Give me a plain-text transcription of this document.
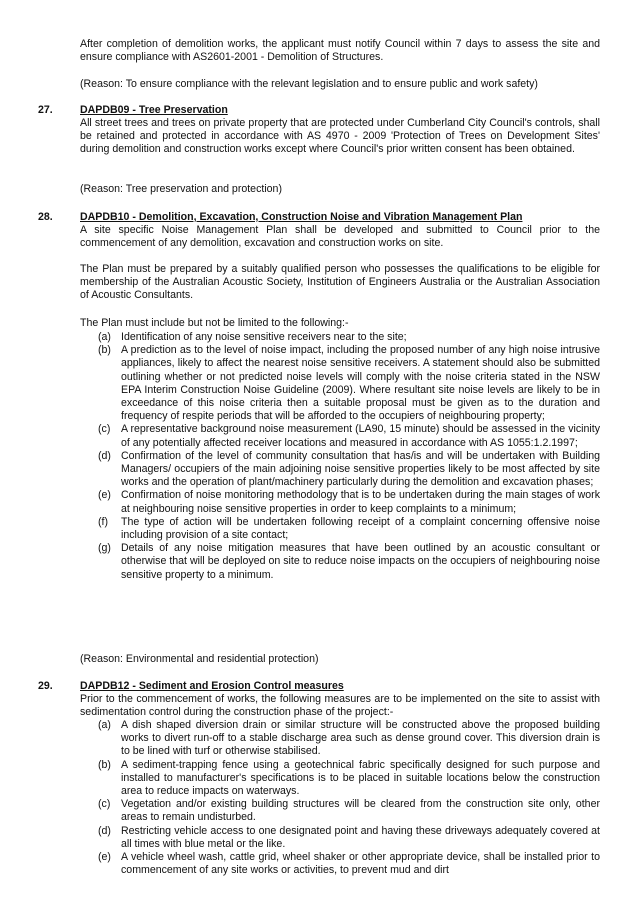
After completion of demolition works, the applicant must notify Council within 7 days to assess the site and ensure compliance with AS2601-2001 - Demolition of Structures.

(Reason: To ensure compliance with the relevant legislation and to ensure public and work safety)

27.	DAPDB09 - Tree Preservation

All street trees and trees on private property that are protected under Cumberland City Council's controls, shall be retained and protected in accordance with AS 4970 - 2009 'Protection of Trees on Development Sites' during demolition and construction works except where Council's prior written consent has been obtained.

(Reason: Tree preservation and protection)

28.	DAPDB10 - Demolition, Excavation, Construction Noise and Vibration Management Plan

A site specific Noise Management Plan shall be developed and submitted to Council prior to the commencement of any demolition, excavation and construction works on site.

The Plan must be prepared by a suitably qualified person who possesses the qualifications to be eligible for membership of the Australian Acoustic Society, Institution of Engineers Australia or the Australian Association of Acoustic Consultants.

The Plan must include but not be limited to the following:-

(a) Identification of any noise sensitive receivers near to the site;
(b) A prediction as to the level of noise impact, including the proposed number of any high noise intrusive appliances, likely to affect the nearest noise sensitive receivers. A statement should also be submitted outlining whether or not predicted noise levels will comply with the noise criteria stated in the NSW EPA Interim Construction Noise Guideline (2009). Where resultant site noise levels are likely to be in exceedance of this noise criteria then a suitable proposal must be given as to the duration and frequency of respite periods that will be afforded to the occupiers of neighbouring property;
(c) A representative background noise measurement (LA90, 15 minute) should be assessed in the vicinity of any potentially affected receiver locations and measured in accordance with AS 1055:1.2.1997;
(d) Confirmation of the level of community consultation that has/is and will be undertaken with Building Managers/ occupiers of the main adjoining noise sensitive properties likely to be most affected by site works and the operation of plant/machinery particularly during the demolition and excavation phases;
(e) Confirmation of noise monitoring methodology that is to be undertaken during the main stages of work at neighbouring noise sensitive properties in order to keep complaints to a minimum;
(f) The type of action will be undertaken following receipt of a complaint concerning offensive noise including provision of a site contact;
(g) Details of any noise mitigation measures that have been outlined by an acoustic consultant or otherwise that will be deployed on site to reduce noise impacts on the occupiers of neighbouring noise sensitive property to a minimum.

(Reason: Environmental and residential protection)

29.	DAPDB12 - Sediment and Erosion Control measures

Prior to the commencement of works, the following measures are to be implemented on the site to assist with sedimentation control during the construction phase of the project:-

(a) A dish shaped diversion drain or similar structure will be constructed above the proposed building works to divert run-off to a stable discharge area such as dense ground cover. This diversion drain is to be lined with turf or otherwise stabilised.
(b) A sediment-trapping fence using a geotechnical fabric specifically designed for such purpose and installed to manufacturer's specifications is to be placed in suitable locations below the construction area to reduce impacts on waterways.
(c) Vegetation and/or existing building structures will be cleared from the construction site only, other areas to remain undisturbed.
(d) Restricting vehicle access to one designated point and having these driveways adequately covered at all times with blue metal or the like.
(e) A vehicle wheel wash, cattle grid, wheel shaker or other appropriate device, shall be installed prior to commencement of any site works or activities, to prevent mud and dirt
